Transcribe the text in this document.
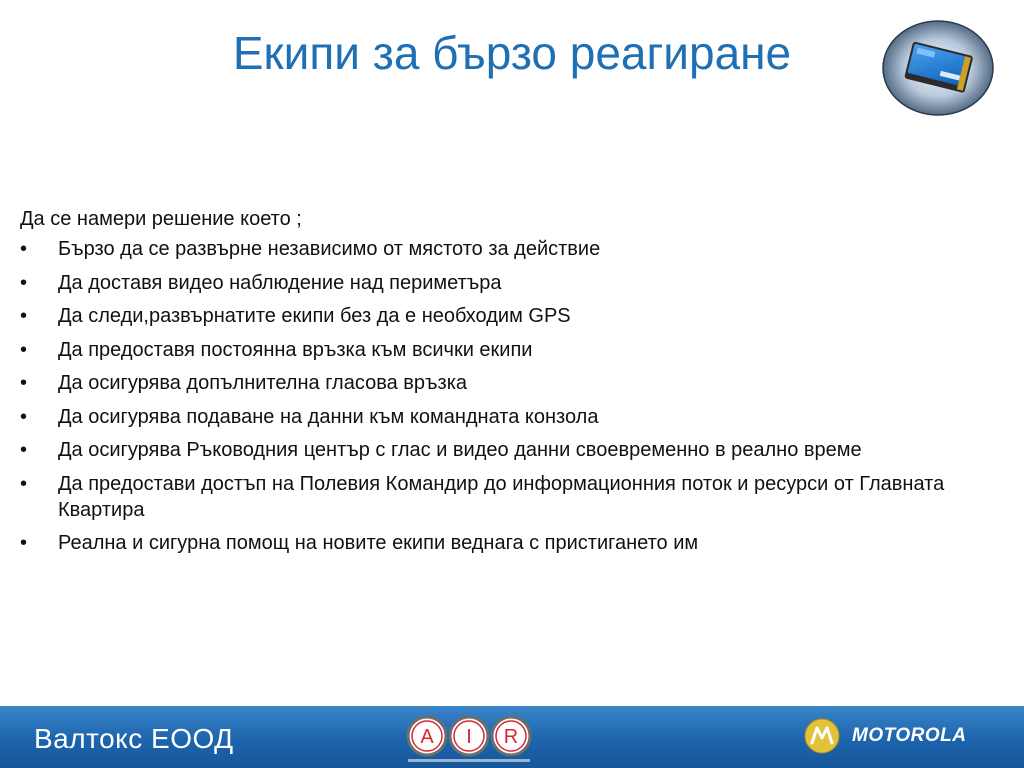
Екипи за бързо реагиране

Да се намери решение което ;

• Бързо да се развърне независимо от мястото за действие
• Да доставя видео наблюдение над периметъра
• Да следи,развърнатите екипи без да е необходим GPS
• Да предоставя постоянна връзка към всички екипи
• Да осигурява допълнителна гласова връзка
• Да осигурява подаване на данни към командната конзола
• Да осигурява Ръководния център с глас и видео данни своевременно в реално време
• Да предостави достъп на Полевия Командир до информационния поток и ресурси от Главната Квартира
• Реална и сигурна помощ на новите екипи веднага с пристигането им
Валтокс ЕООД	A I R	MOTOROLA
